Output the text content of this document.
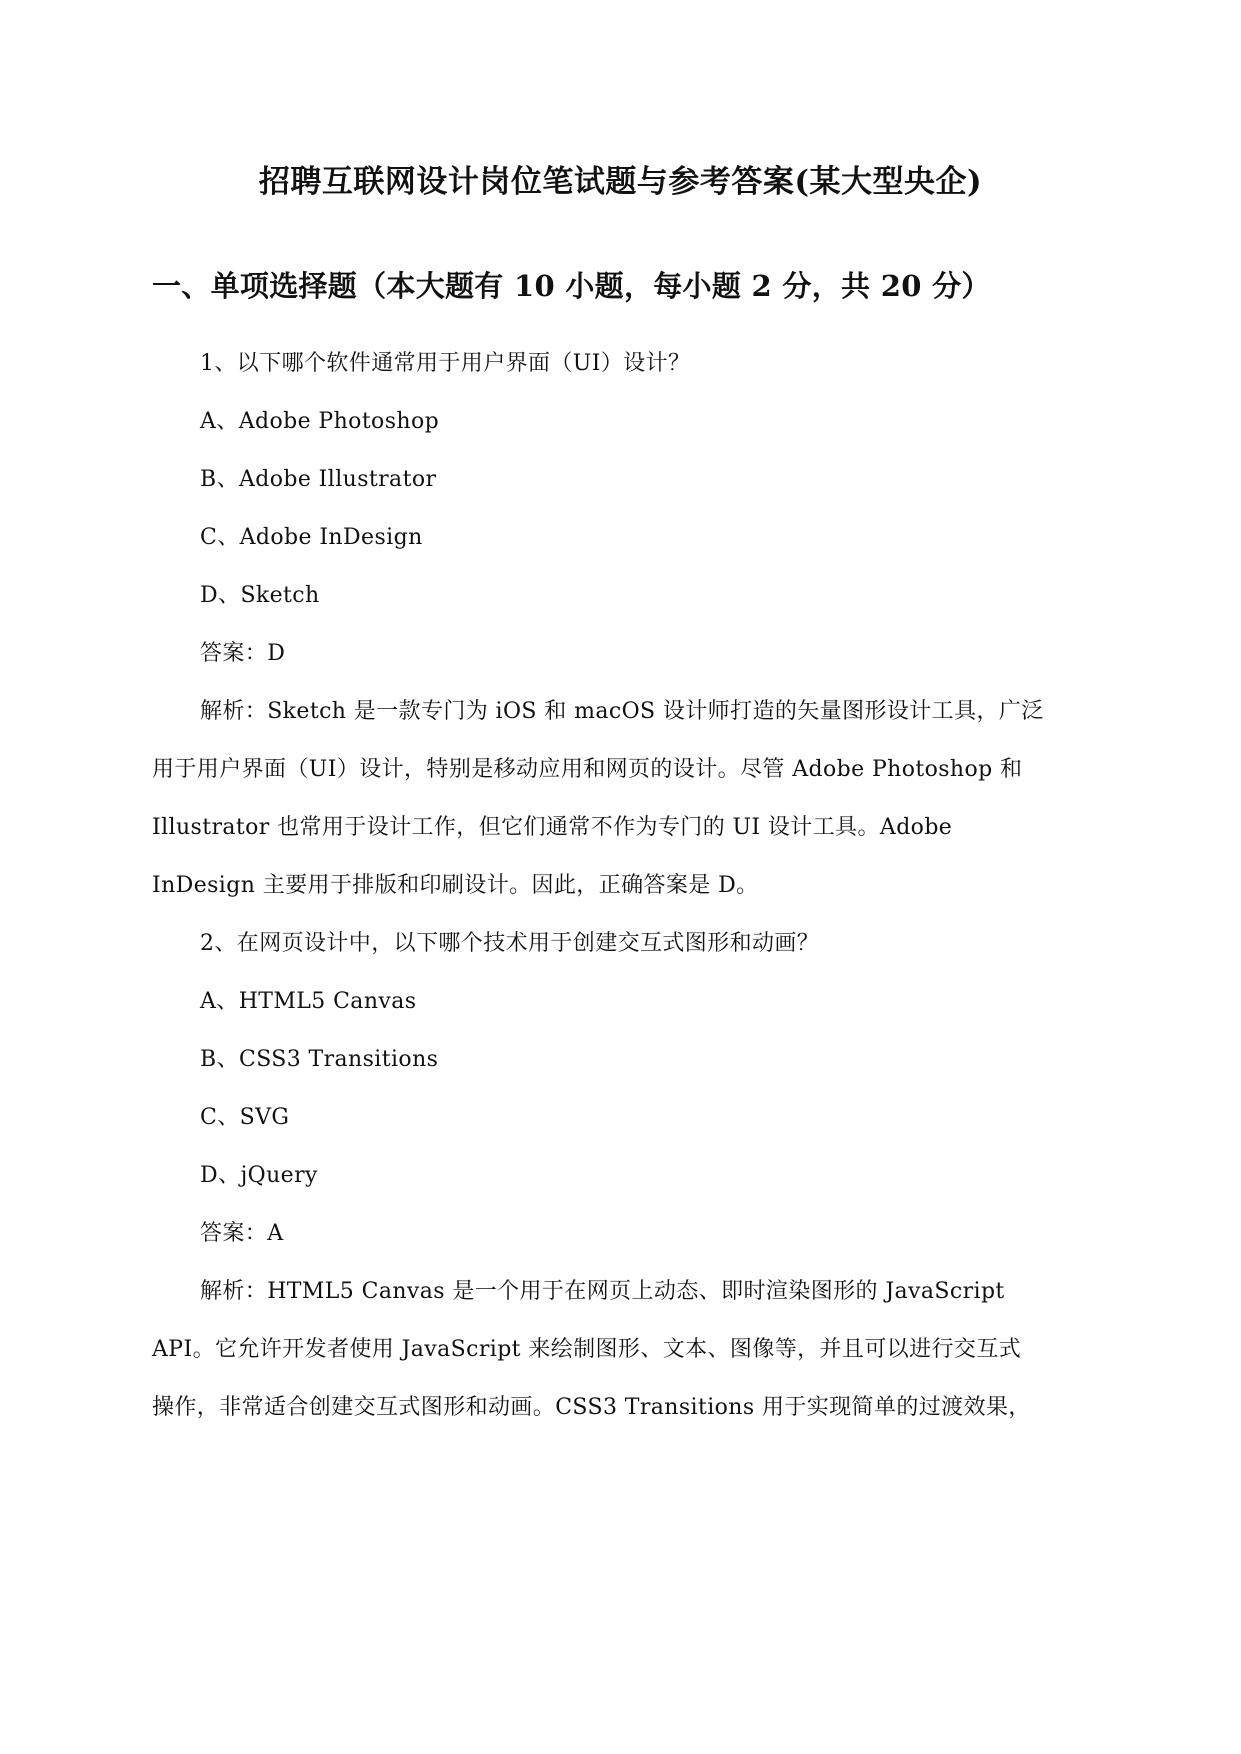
招聘互联网设计岗位笔试题与参考答案(某大型央企)
一、单项选择题（本大题有 10 小题，每小题 2 分，共 20 分）
1、以下哪个软件通常用于用户界面（UI）设计？
A、Adobe Photoshop
B、Adobe Illustrator
C、Adobe InDesign
D、Sketch
答案：D
解析：Sketch 是一款专门为 iOS 和 macOS 设计师打造的矢量图形设计工具，广泛
用于用户界面（UI）设计，特别是移动应用和网页的设计。尽管 Adobe Photoshop 和
Illustrator 也常用于设计工作，但它们通常不作为专门的 UI 设计工具。Adobe
InDesign 主要用于排版和印刷设计。因此，正确答案是 D。
2、在网页设计中，以下哪个技术用于创建交互式图形和动画？
A、HTML5 Canvas
B、CSS3 Transitions
C、SVG
D、jQuery
答案：A
解析：HTML5 Canvas 是一个用于在网页上动态、即时渲染图形的 JavaScript
API。它允许开发者使用 JavaScript 来绘制图形、文本、图像等，并且可以进行交互式
操作，非常适合创建交互式图形和动画。CSS3 Transitions 用于实现简单的过渡效果，
